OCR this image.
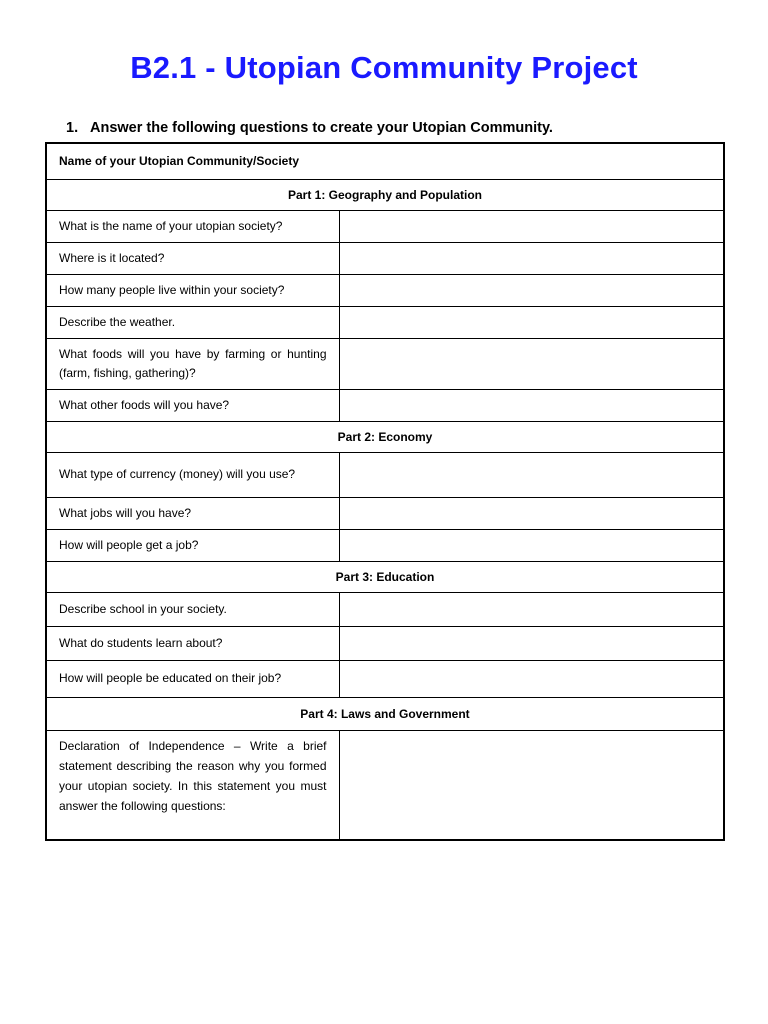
B2.1 - Utopian Community Project
1. Answer the following questions to create your Utopian Community.
Name of your Utopian Community/Society	
Part 1: Geography and Population	

What is the name of your utopian society?	

Where is it located?	

How many people live within your society?	

Describe the weather.	

What foods will you have by farming or hunting (farm, fishing, gathering)?	

What other foods will you have?	

Part 2: Economy	

What type of currency (money) will you use?	

What jobs will you have?	

How will people get a job?	

Part 3: Education	

Describe school in your society.	

What do students learn about?	

How will people be educated on their job?	

Part 4: Laws and Government	

Declaration of Independence – Write a brief statement describing the reason why you formed your utopian society. In this statement you must answer the following questions:	
